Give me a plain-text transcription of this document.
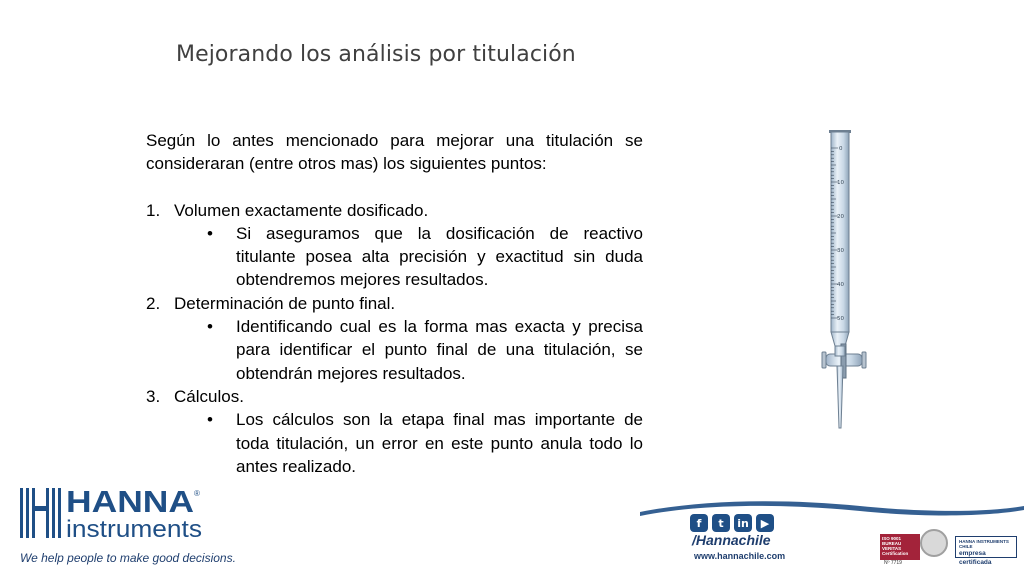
Mejorando los análisis por titulación

Según lo antes mencionado para mejorar una titulación se consideraran (entre otros mas) los siguientes puntos:

1. Volumen exactamente dosificado.
•	Si aseguramos que la dosificación de reactivo titulante posea alta precisión y exactitud sin duda obtendremos mejores resultados.
2. Determinación de punto final.
•	Identificando cual es la forma mas exacta y precisa para identificar el punto final de una titulación, se obtendrán mejores resultados.
3. Cálculos.
•	Los cálculos son la etapa final mas importante de toda titulación, un error en este punto anula todo lo antes realizado.
0
10
20
30
40
50
HANNA ®
instruments
We help people to make good decisions.
f	t	in	▶
/Hannachile
www.hannachile.com
ISO 9001
BUREAU VERITAS
Certification
Nº 7719
HANNA INSTRUMENTS CHILE
empresa certificada
